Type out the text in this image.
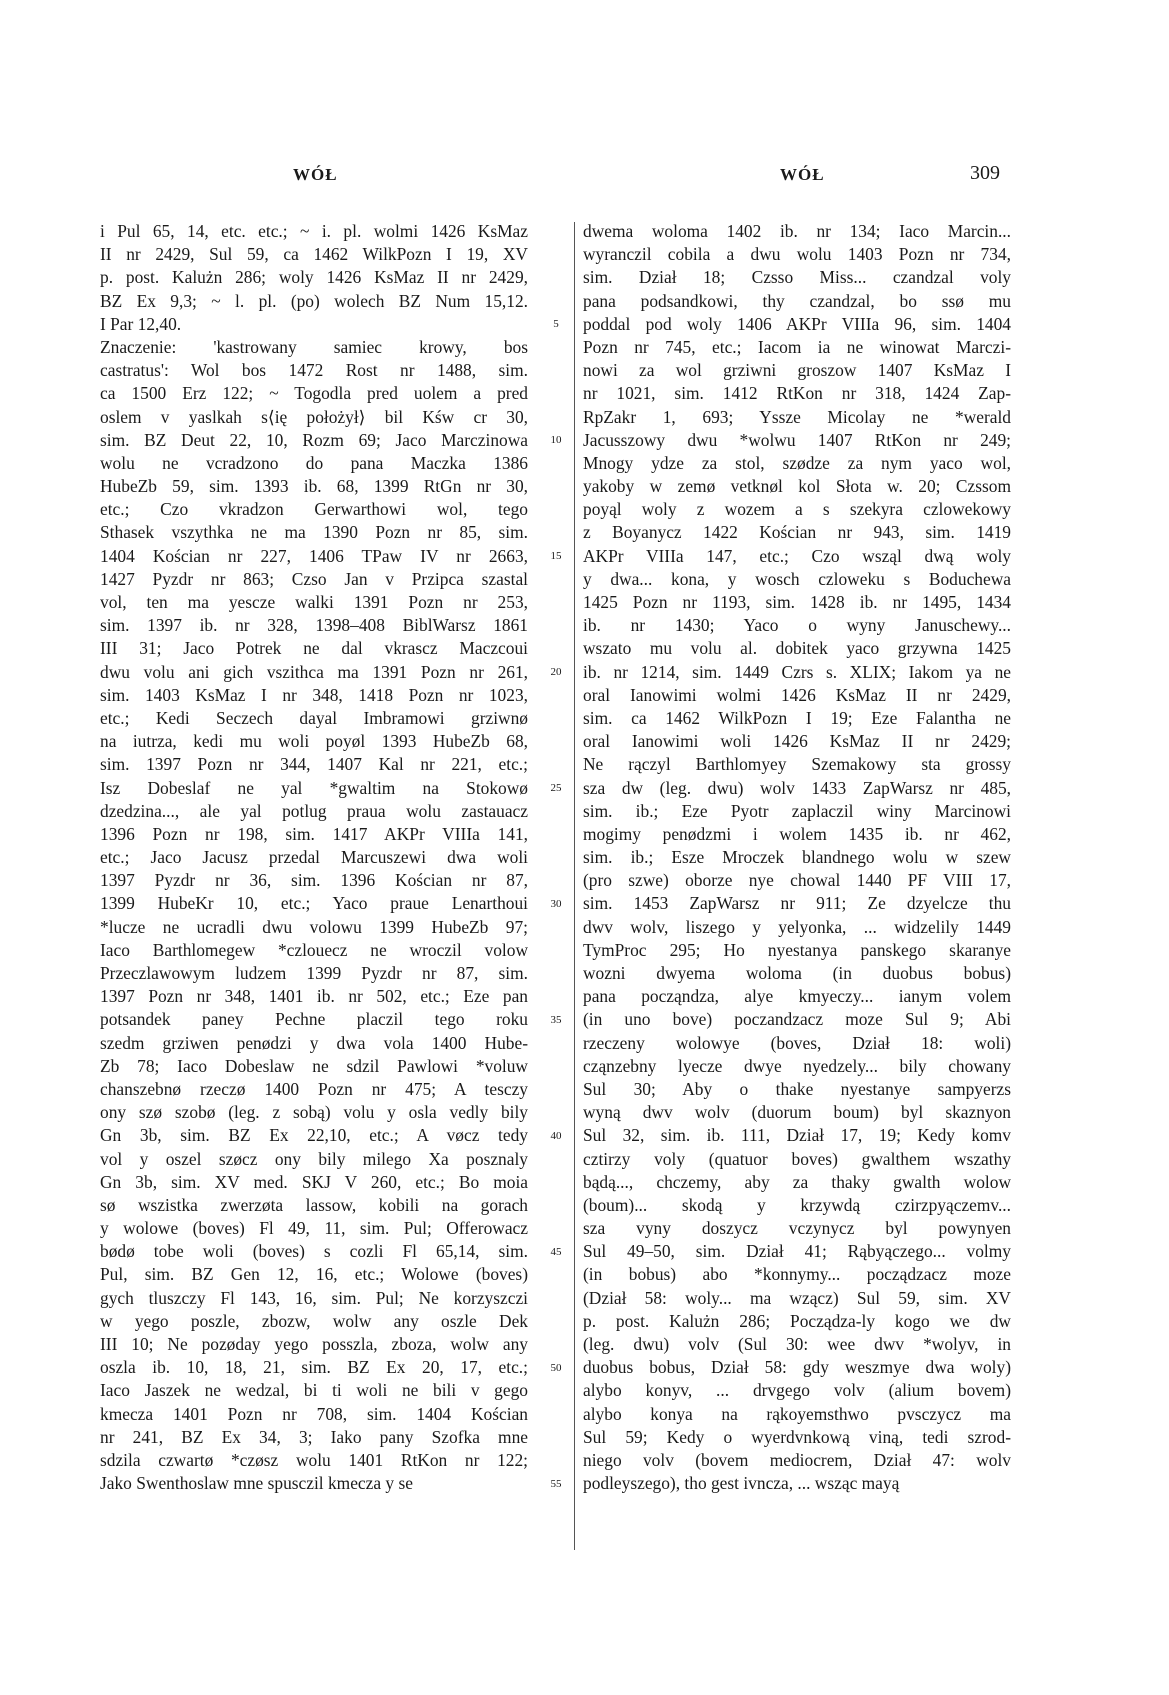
WÓŁ	WÓŁ	309
i Pul 65, 14, etc. etc.; ~ i. pl. wolmi 1426 KsMaz
II nr 2429, Sul 59, ca 1462 WilkPozn I 19, XV
p. post. Kalużn 286; woly 1426 KsMaz II nr 2429,
BZ Ex 9,3; ~ l. pl. (po) wolech BZ Num 15,12.
I Par 12,40.
Znaczenie: 'kastrowany samiec krowy, bos
castratus': Wol bos 1472 Rost nr 1488, sim.
ca 1500 Erz 122; ~ Togodla pred uolem a pred
oslem v yaslkah s⟨ię położył⟩ bil Kśw cr 30,
sim. BZ Deut 22, 10, Rozm 69; Jaco Marczinowa
wolu ne vcradzono do pana Maczka 1386
HubeZb 59, sim. 1393 ib. 68, 1399 RtGn nr 30,
etc.; Czo vkradzon Gerwarthowi wol, tego
Sthasek vszythka ne ma 1390 Pozn nr 85, sim.
1404 Kościan nr 227, 1406 TPaw IV nr 2663,
1427 Pyzdr nr 863; Czso Jan v Przipca szastal
vol, ten ma yescze walki 1391 Pozn nr 253,
sim. 1397 ib. nr 328, 1398–408 BiblWarsz 1861
III 31; Jaco Potrek ne dal vkrascz Maczcoui
dwu volu ani gich vszithca ma 1391 Pozn nr 261,
sim. 1403 KsMaz I nr 348, 1418 Pozn nr 1023,
etc.; Kedi Seczech dayal Imbramowi grziwnø
na iutrza, kedi mu woli poyøl 1393 HubeZb 68,
sim. 1397 Pozn nr 344, 1407 Kal nr 221, etc.;
Isz Dobeslaf ne yal *gwaltim na Stokowø
dzedzina..., ale yal potlug praua wolu zastauacz
1396 Pozn nr 198, sim. 1417 AKPr VIIIa 141,
etc.; Jaco Jacusz przedal Marcuszewi dwa woli
1397 Pyzdr nr 36, sim. 1396 Kościan nr 87,
1399 HubeKr 10, etc.; Yaco praue Lenarthoui
*lucze ne ucradli dwu volowu 1399 HubeZb 97;
Iaco Barthlomegew *czlouecz ne wroczil volow
Przeczlawowym ludzem 1399 Pyzdr nr 87, sim.
1397 Pozn nr 348, 1401 ib. nr 502, etc.; Eze pan
potsandek paney Pechne placzil tego roku
szedm grziwen penødzi y dwa vola 1400 Hube-
Zb 78; Iaco Dobeslaw ne sdzil Pawlowi *voluw
chanszebnø rzeczø 1400 Pozn nr 475; A tesczy
ony szø szobø (leg. z sobą) volu y osla vedly bily
Gn 3b, sim. BZ Ex 22,10, etc.; A vøcz tedy
vol y oszel szøcz ony bily milego Xa posznaly
Gn 3b, sim. XV med. SKJ V 260, etc.; Bo moia
sø wszistka zwerzøta lassow, kobili na gorach
y wolowe (boves) Fl 49, 11, sim. Pul; Offerowacz
bødø tobe woli (boves) s cozli Fl 65,14, sim.
Pul, sim. BZ Gen 12, 16, etc.; Wolowe (boves)
gych tluszczy Fl 143, 16, sim. Pul; Ne korzyszczi
w yego poszle, zbozw, wolw any oszle Dek
III 10; Ne pozøday yego posszla, zboza, wolw any
oszla ib. 10, 18, 21, sim. BZ Ex 20, 17, etc.;
Iaco Jaszek ne wedzal, bi ti woli ne bili v gego
kmecza 1401 Pozn nr 708, sim. 1404 Kościan
nr 241, BZ Ex 34, 3; Iako pany Szofka mne
sdzila czwartø *czøsz wolu 1401 RtKon nr 122;
Jako Swenthoslaw mne spusczil kmecza y se
5
10
15
20
25
30
35
40
45
50
55
dwema woloma 1402 ib. nr 134; Iaco Marcin...
wyranczil cobila a dwu wolu 1403 Pozn nr 734,
sim. Dział 18; Czsso Miss... czandzal voly
pana podsandkowi, thy czandzal, bo ssø mu
poddal pod woly 1406 AKPr VIIIa 96, sim. 1404
Pozn nr 745, etc.; Iacom ia ne winowat Marczi-
nowi za wol grziwni groszow 1407 KsMaz I
nr 1021, sim. 1412 RtKon nr 318, 1424 Zap-
RpZakr 1, 693; Yssze Micolay ne *werald
Jacusszowy dwu *wolwu 1407 RtKon nr 249;
Mnogy ydze za stol, szødze za nym yaco wol,
yakoby w zemø vetknøl kol Słota w. 20; Czssom
poyąl woly z wozem a s szekyra czlowekowy
z Boyanycz 1422 Kościan nr 943, sim. 1419
AKPr VIIIa 147, etc.; Czo wsząl dwą woly
y dwa... kona, y wosch czloweku s Boduchewa
1425 Pozn nr 1193, sim. 1428 ib. nr 1495, 1434
ib. nr 1430; Yaco o wyny Januschewy...
wszato mu volu al. dobitek yaco grzywna 1425
ib. nr 1214, sim. 1449 Czrs s. XLIX; Iakom ya ne
oral Ianowimi wolmi 1426 KsMaz II nr 2429,
sim. ca 1462 WilkPozn I 19; Eze Falantha ne
oral Ianowimi woli 1426 KsMaz II nr 2429;
Ne rączyl Barthlomyey Szemakowy sta grossy
sza dw (leg. dwu) wolv 1433 ZapWarsz nr 485,
sim. ib.; Eze Pyotr zaplaczil winy Marcinowi
mogimy penødzmi i wolem 1435 ib. nr 462,
sim. ib.; Esze Mroczek blandnego wolu w szew
(pro szwe) oborze nye chowal 1440 PF VIII 17,
sim. 1453 ZapWarsz nr 911; Ze dzyelcze thu
dwv wolv, liszego y yelyonka, ... widzelily 1449
TymProc 295; Ho nyestanya panskego skaranye
wozni dwyema woloma (in duobus bobus)
pana począndza, alye kmyeczy... ianym volem
(in uno bove) poczandzacz moze Sul 9; Abi
rzeczeny wolowye (boves, Dział 18: woli)
cząnzebny lyecze dwye nyedzely... bily chowany
Sul 30; Aby o thake nyestanye sampyerzs
wyną dwv wolv (duorum boum) byl skaznyon
Sul 32, sim. ib. 111, Dział 17, 19; Kedy komv
cztirzy voly (quatuor boves) gwalthem wszathy
bądą..., chczemy, aby za thaky gwalth wolow
(boum)... skodą y krzywdą czirzpyączemv...
sza vyny doszycz vczynycz byl powynyen
Sul 49–50, sim. Dział 41; Rąbyączego... volmy
(in bobus) abo *konnymy... począdzacz moze
(Dział 58: woly... ma wzącz) Sul 59, sim. XV
p. post. Kalużn 286; Począdza-ly kogo we dw
(leg. dwu) volv (Sul 30: wee dwv *wolyv, in
duobus bobus, Dział 58: gdy weszmye dwa woly)
alybo konyv, ... drvgego volv (alium bovem)
alybo konya na rąkoyemsthwo pvsczycz ma
Sul 59; Kedy o wyerdvnkową viną, tedi szrod-
niego volv (bovem mediocrem, Dział 47: wolv
podleyszego), tho gest ivncza, ... wsząc mayą
